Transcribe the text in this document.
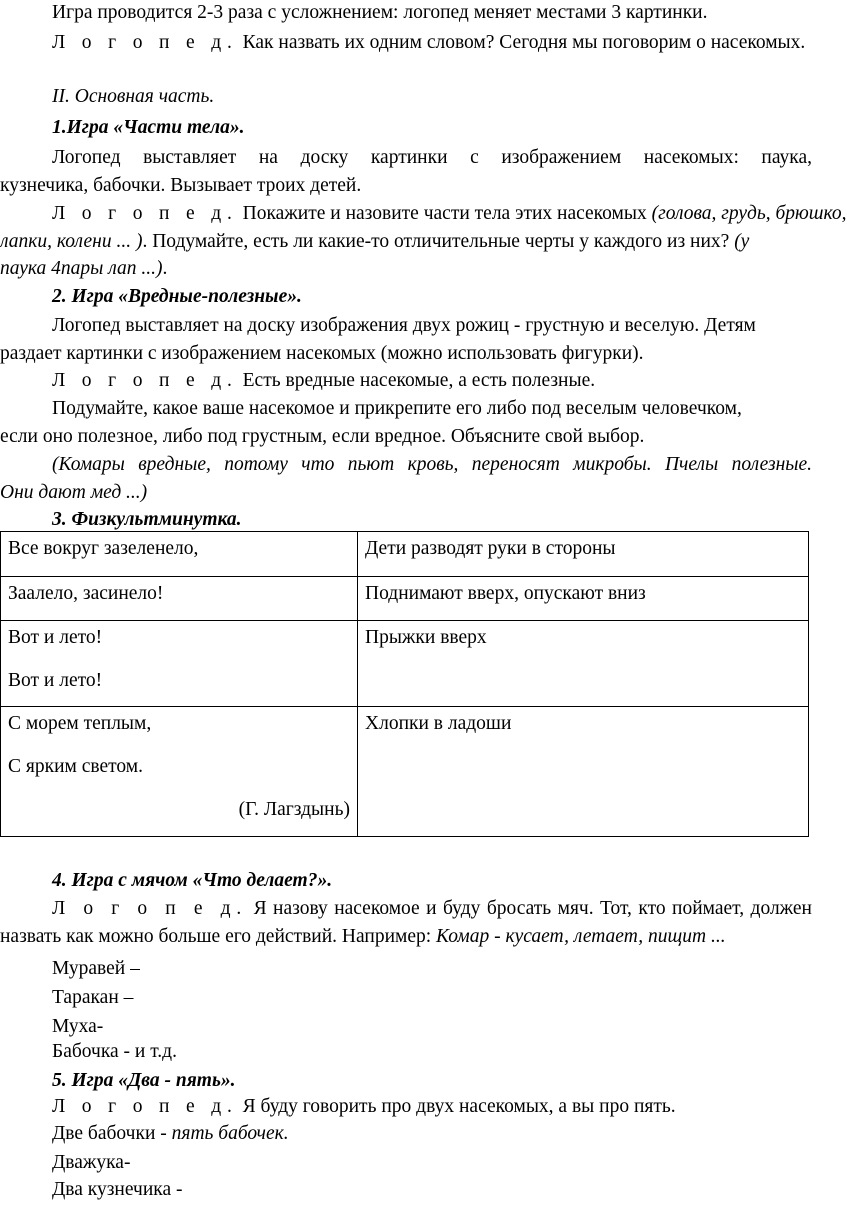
Игра проводится 2-3 раза с усложнением: логопед меняет местами 3 картинки.
Л о г о п е д. Как назвать их одним словом? Сегодня мы поговорим о насекомых.
II. Основная часть.
1.Игра «Части тела».
Логопед выставляет на доску картинки с изображением насекомых: паука,
кузнечика, бабочки. Вызывает троих детей.
Л о г о п е д. Покажите и назовите части тела этих насекомых (голова, грудь, брюшко,
лапки, колени ... ). Подумайте, есть ли какие-то отличительные черты у каждого из них? (у
паука 4пары лап ...).
2. Игра «Вредные-полезные».
Логопед выставляет на доску изображения двух рожиц - грустную и веселую. Детям
раздает картинки с изображением насекомых (можно использовать фигурки).
Л о г о п е д. Есть вредные насекомые, а есть полезные.
Подумайте, какое ваше насекомое и прикрепите его либо под веселым человечком,
если оно полезное, либо под грустным, если вредное. Объясните свой выбор.
(Комары вредные, потому что пьют кровь, переносят микробы. Пчелы полезные.
Они дают мед ...)
3. Физкультминутка.
Все вокруг зазеленело,	Дети разводят руки в стороны

Заалело, засинело!	Поднимают вверх, опускают вниз

Вот и лето!
Вот и лето!	Прыжки вверх

С морем теплым,
С ярким светом.
(Г. Лагздынь)	Хлопки в ладоши
4. Игра с мячом «Что делает?».
Л о г о п е д. Я назову насекомое и буду бросать мяч. Тот, кто поймает, должен
назвать как можно больше его действий. Например: Комар - кусает, летает, пищит ...
Муравей –
Таракан –
Муха-
Бабочка - и т.д.
5. Игра «Два - пять».
Л о г о п е д. Я буду говорить про двух насекомых, а вы про пять.
Две бабочки - пять бабочек.
Дважука-
Два кузнечика -
